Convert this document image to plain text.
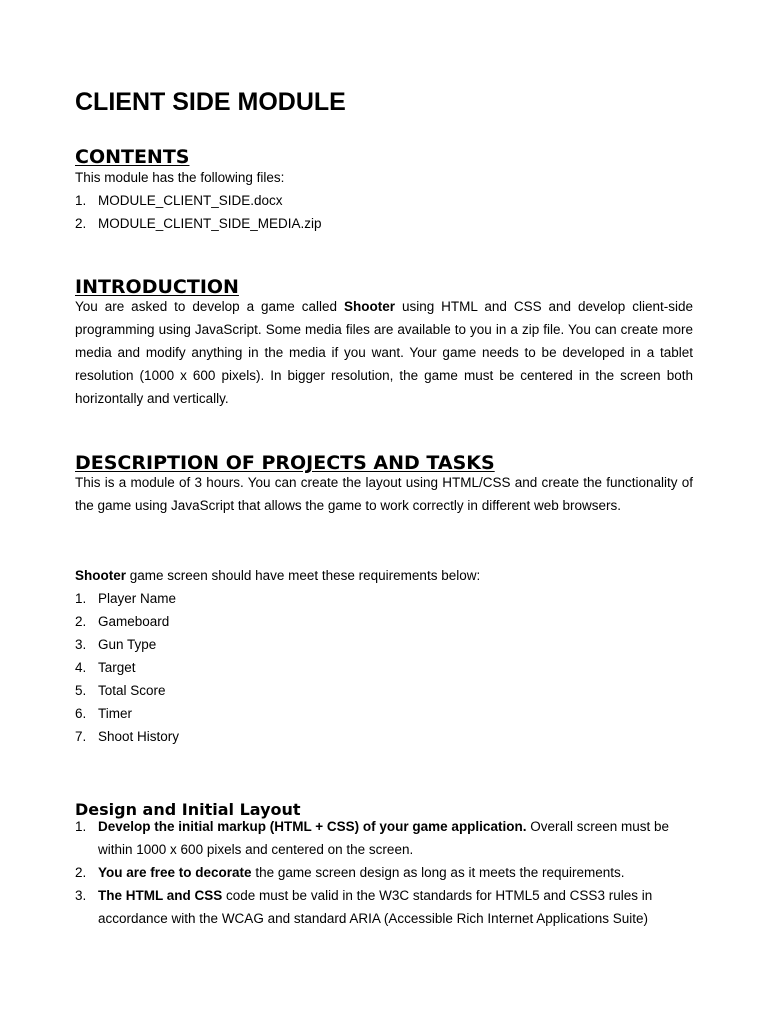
CLIENT SIDE MODULE
CONTENTS
This module has the following files:
1. MODULE_CLIENT_SIDE.docx
2. MODULE_CLIENT_SIDE_MEDIA.zip
INTRODUCTION

You are asked to develop a game called Shooter using HTML and CSS and develop client-side programming using JavaScript. Some media files are available to you in a zip file. You can create more media and modify anything in the media if you want. Your game needs to be developed in a tablet resolution (1000 x 600 pixels). In bigger resolution, the game must be centered in the screen both horizontally and vertically.

DESCRIPTION OF PROJECTS AND TASKS

This is a module of 3 hours. You can create the layout using HTML/CSS and create the functionality of the game using JavaScript that allows the game to work correctly in different web browsers.

Shooter game screen should have meet these requirements below:

1. Player Name
2. Gameboard
3. Gun Type
4. Target
5. Total Score
6. Timer
7. Shoot History
Design and Initial Layout
1. Develop the initial markup (HTML + CSS) of your game application. Overall screen must be within 1000 x 600 pixels and centered on the screen.
2. You are free to decorate the game screen design as long as it meets the requirements.
3. The HTML and CSS code must be valid in the W3C standards for HTML5 and CSS3 rules in accordance with the WCAG and standard ARIA (Accessible Rich Internet Applications Suite)
